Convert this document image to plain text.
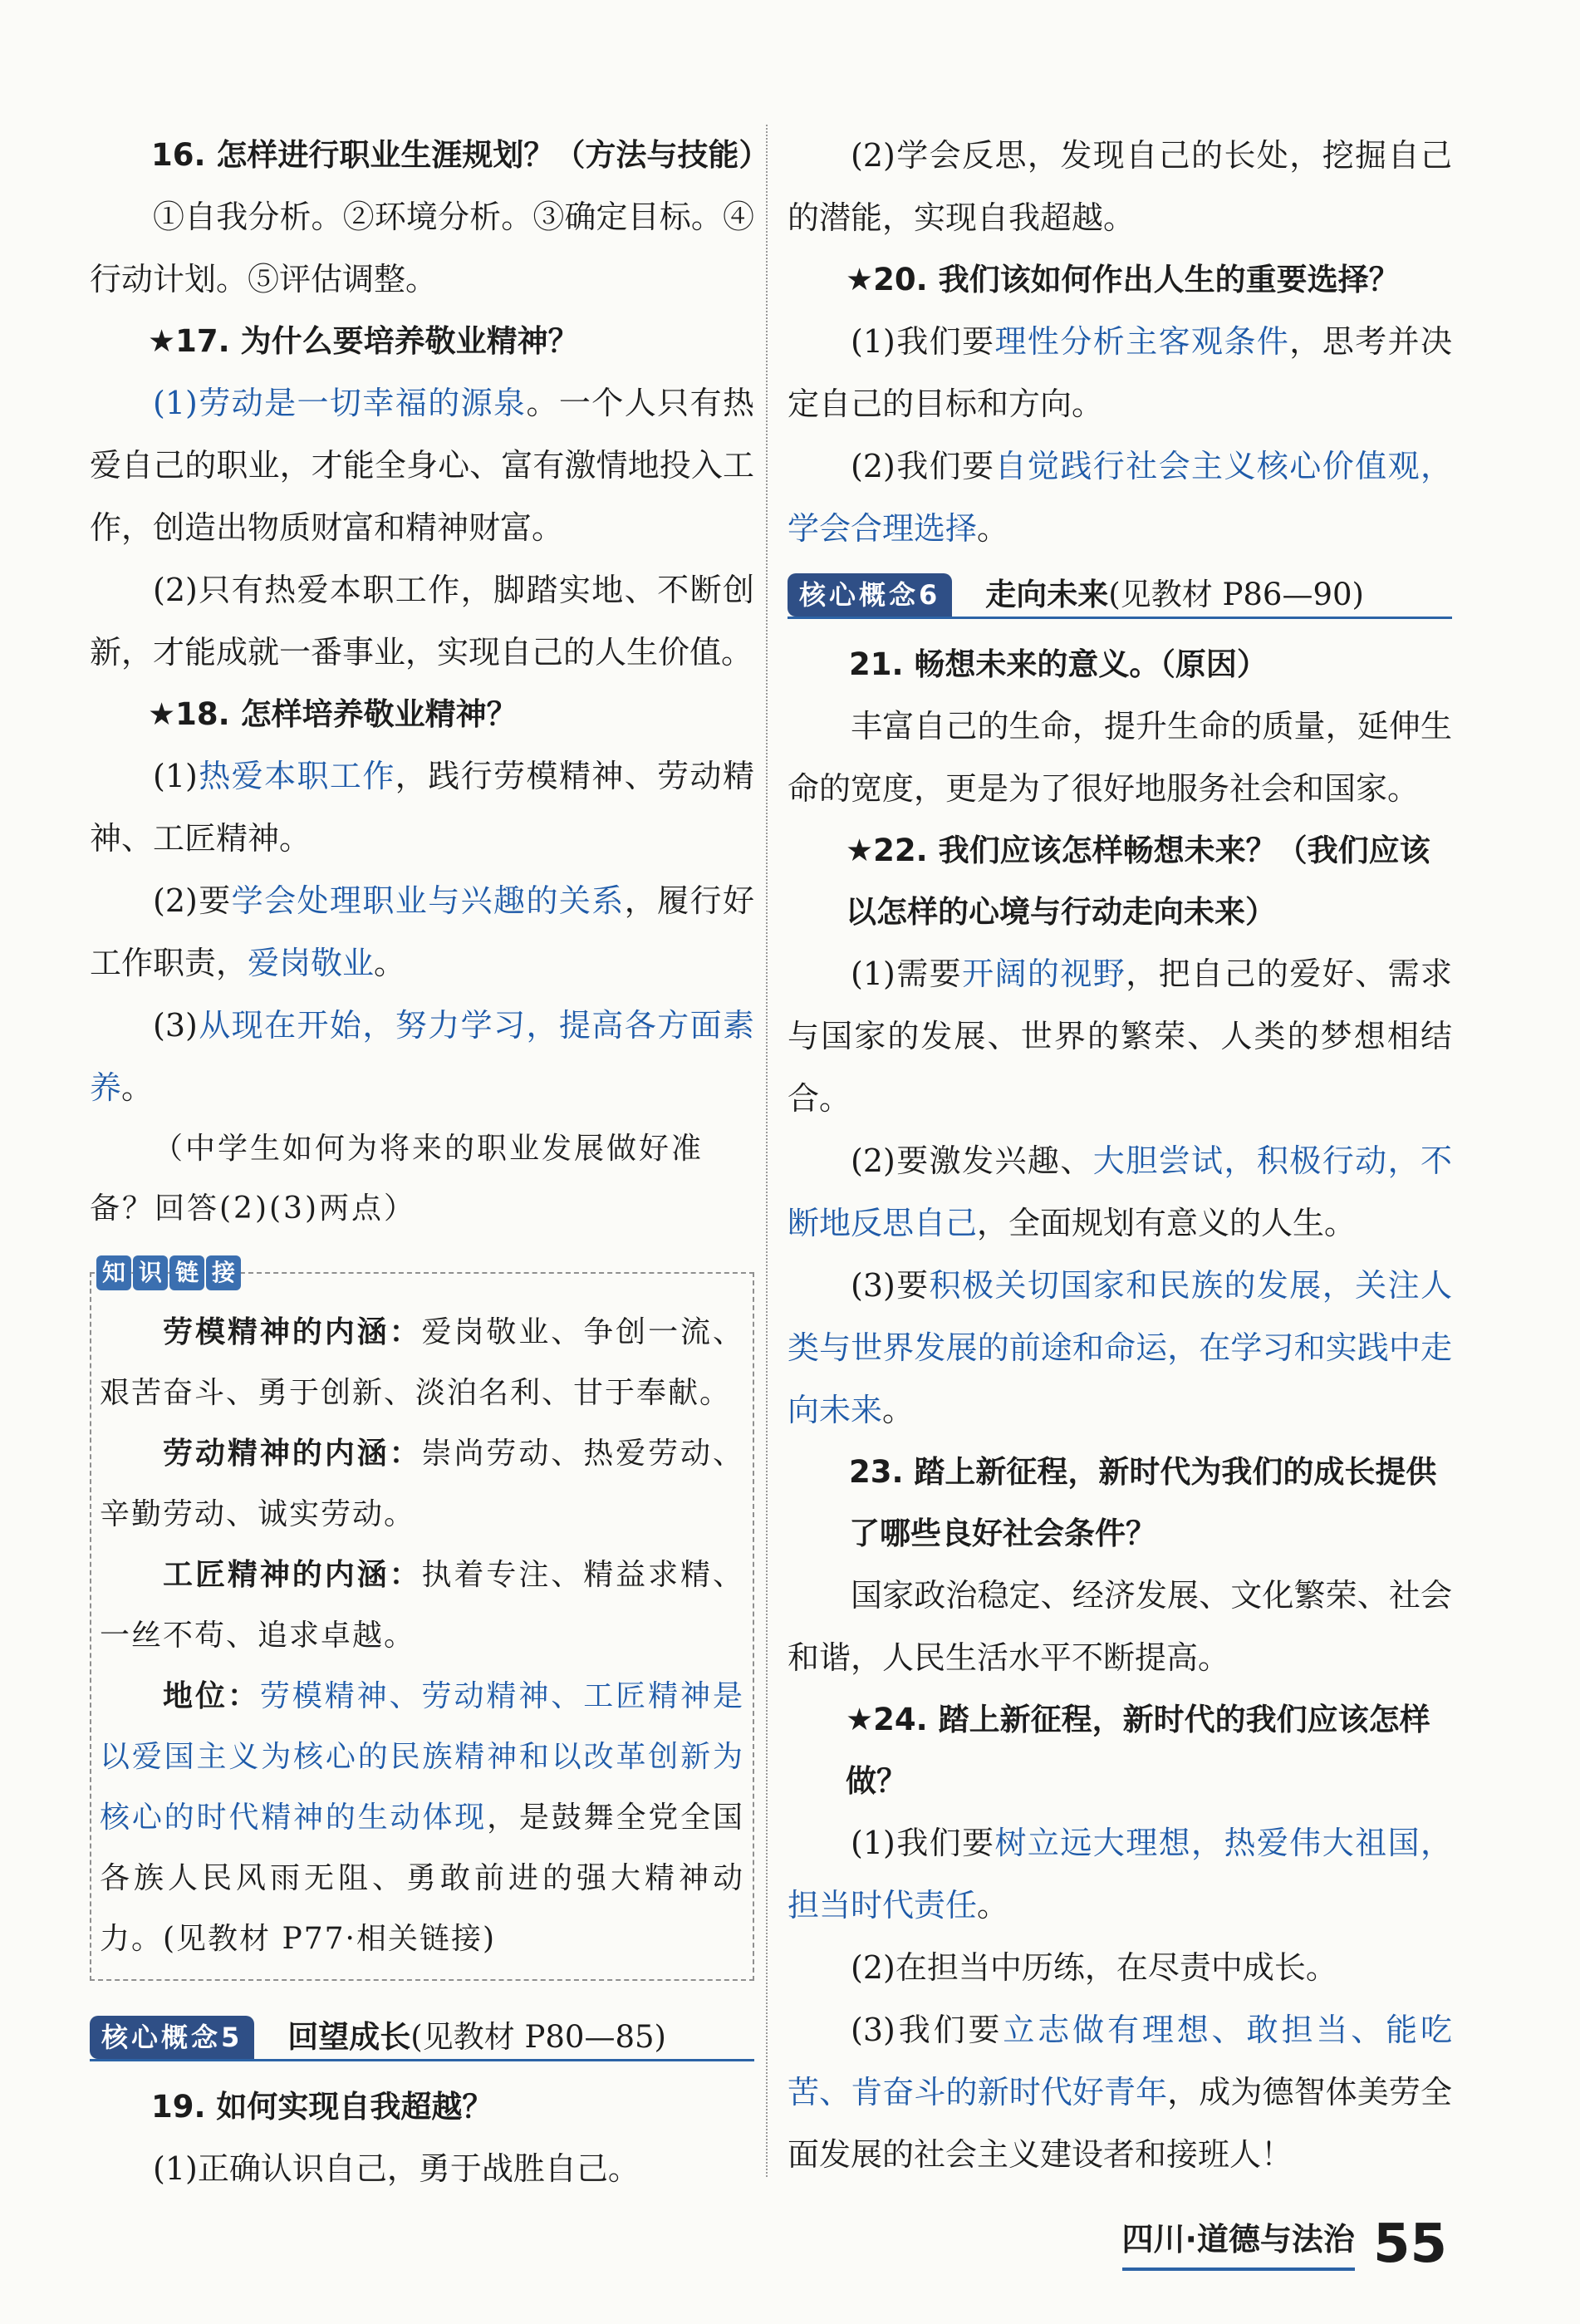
16. 怎样进行职业生涯规划？（方法与技能）

①自我分析。②环境分析。③确定目标。④行动计划。⑤评估调整。

★17. 为什么要培养敬业精神？

(1)劳动是一切幸福的源泉。一个人只有热爱自己的职业，才能全身心、富有激情地投入工作，创造出物质财富和精神财富。

(2)只有热爱本职工作，脚踏实地、不断创新，才能成就一番事业，实现自己的人生价值。

★18. 怎样培养敬业精神？

(1)热爱本职工作，践行劳模精神、劳动精神、工匠精神。

(2)要学会处理职业与兴趣的关系，履行好工作职责，爱岗敬业。

(3)从现在开始，努力学习，提高各方面素养。

（中学生如何为将来的职业发展做好准备？回答(2)(3)两点）

知 识 链 接

劳模精神的内涵：爱岗敬业、争创一流、艰苦奋斗、勇于创新、淡泊名利、甘于奉献。

劳动精神的内涵：崇尚劳动、热爱劳动、辛勤劳动、诚实劳动。

工匠精神的内涵：执着专注、精益求精、一丝不苟、追求卓越。

地位：劳模精神、劳动精神、工匠精神是以爱国主义为核心的民族精神和以改革创新为核心的时代精神的生动体现，是鼓舞全党全国各族人民风雨无阻、勇敢前进的强大精神动力。(见教材 P77·相关链接)

核心概念5	回望成长(见教材 P80—85)

19. 如何实现自我超越？

(1)正确认识自己，勇于战胜自己。

(2)学会反思，发现自己的长处，挖掘自己的潜能，实现自我超越。

★20. 我们该如何作出人生的重要选择？

(1)我们要理性分析主客观条件，思考并决定自己的目标和方向。

(2)我们要自觉践行社会主义核心价值观，学会合理选择。

核心概念6	走向未来(见教材 P86—90)

21. 畅想未来的意义。（原因）

丰富自己的生命，提升生命的质量，延伸生命的宽度，更是为了很好地服务社会和国家。

★22. 我们应该怎样畅想未来？（我们应该以怎样的心境与行动走向未来）

(1)需要开阔的视野，把自己的爱好、需求与国家的发展、世界的繁荣、人类的梦想相结合。

(2)要激发兴趣、大胆尝试，积极行动，不断地反思自己，全面规划有意义的人生。

(3)要积极关切国家和民族的发展，关注人类与世界发展的前途和命运，在学习和实践中走向未来。

23. 踏上新征程，新时代为我们的成长提供了哪些良好社会条件？

国家政治稳定、经济发展、文化繁荣、社会和谐，人民生活水平不断提高。

★24. 踏上新征程，新时代的我们应该怎样做？

(1)我们要树立远大理想，热爱伟大祖国，担当时代责任。

(2)在担当中历练，在尽责中成长。

(3)我们要立志做有理想、敢担当、能吃苦、肯奋斗的新时代好青年，成为德智体美劳全面发展的社会主义建设者和接班人！

四川·道德与法治 55
